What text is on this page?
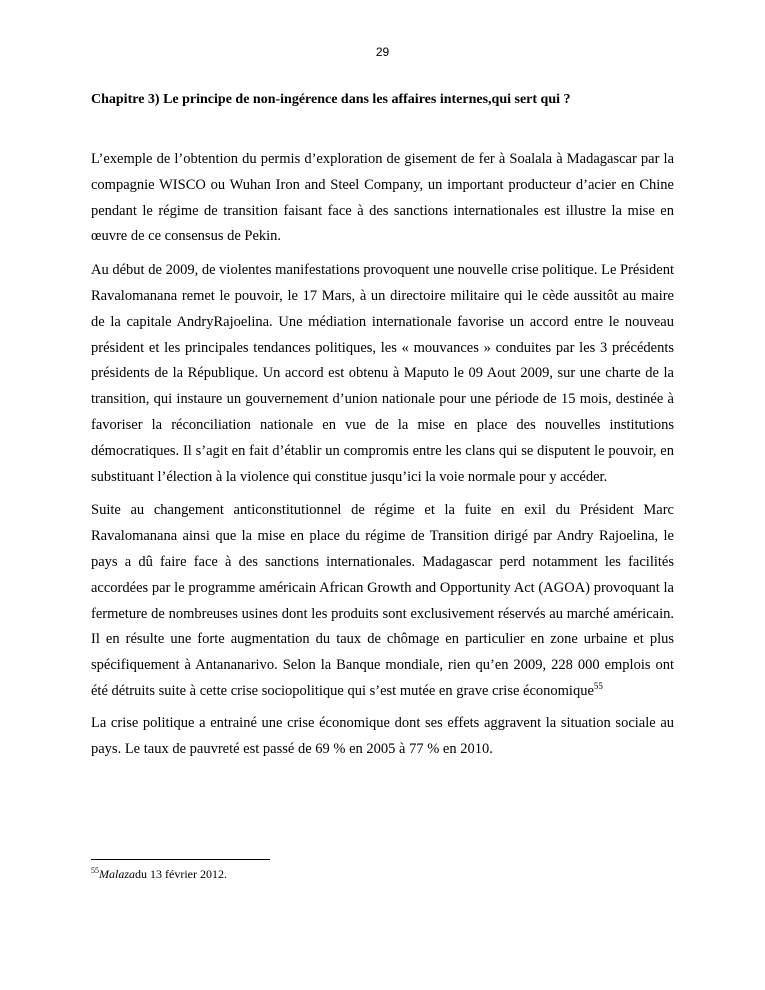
29
Chapitre 3) Le principe de non-ingérence dans les affaires internes,qui sert qui ?

L’exemple de l’obtention du permis d’exploration de gisement de fer à Soalala à Madagascar par la compagnie WISCO ou Wuhan Iron and Steel Company, un important producteur d’acier en Chine pendant le régime de transition faisant face à des sanctions internationales est illustre la mise en œuvre de ce consensus de Pekin.

Au début de 2009, de violentes manifestations provoquent une nouvelle crise politique. Le Président Ravalomanana remet le pouvoir, le 17 Mars, à un directoire militaire qui le cède aussitôt au maire de la capitale AndryRajoelina. Une médiation internationale favorise un accord entre le nouveau président et les principales tendances politiques, les « mouvances » conduites par les 3 précédents présidents de la République. Un accord est obtenu à Maputo le 09 Aout 2009, sur une charte de la transition, qui instaure un gouvernement d’union nationale pour une période de 15 mois, destinée à favoriser la réconciliation nationale en vue de la mise en place des nouvelles institutions démocratiques. Il s’agit en fait d’établir un compromis entre les clans qui se disputent le pouvoir, en substituant l’élection à la violence qui constitue jusqu’ici la voie normale pour y accéder.

Suite au changement anticonstitutionnel de régime et la fuite en exil du Président Marc Ravalomanana ainsi que la mise en place du régime de Transition dirigé par Andry Rajoelina, le pays a dû faire face à des sanctions internationales. Madagascar perd notamment les facilités accordées par le programme américain African Growth and Opportunity Act (AGOA) provoquant la fermeture de nombreuses usines dont les produits sont exclusivement réservés au marché américain. Il en résulte une forte augmentation du taux de chômage en particulier en zone urbaine et plus spécifiquement à Antananarivo. Selon la Banque mondiale, rien qu’en 2009, 228 000 emplois ont été détruits suite à cette crise sociopolitique qui s’est mutée en grave crise économique$^{55}$

La crise politique a entrainé une crise économique dont ses effets aggravent la situation sociale au pays. Le taux de pauvreté est passé de 69 % en 2005 à 77 % en 2010.

$^{55}$Malazadu 13 février 2012.
